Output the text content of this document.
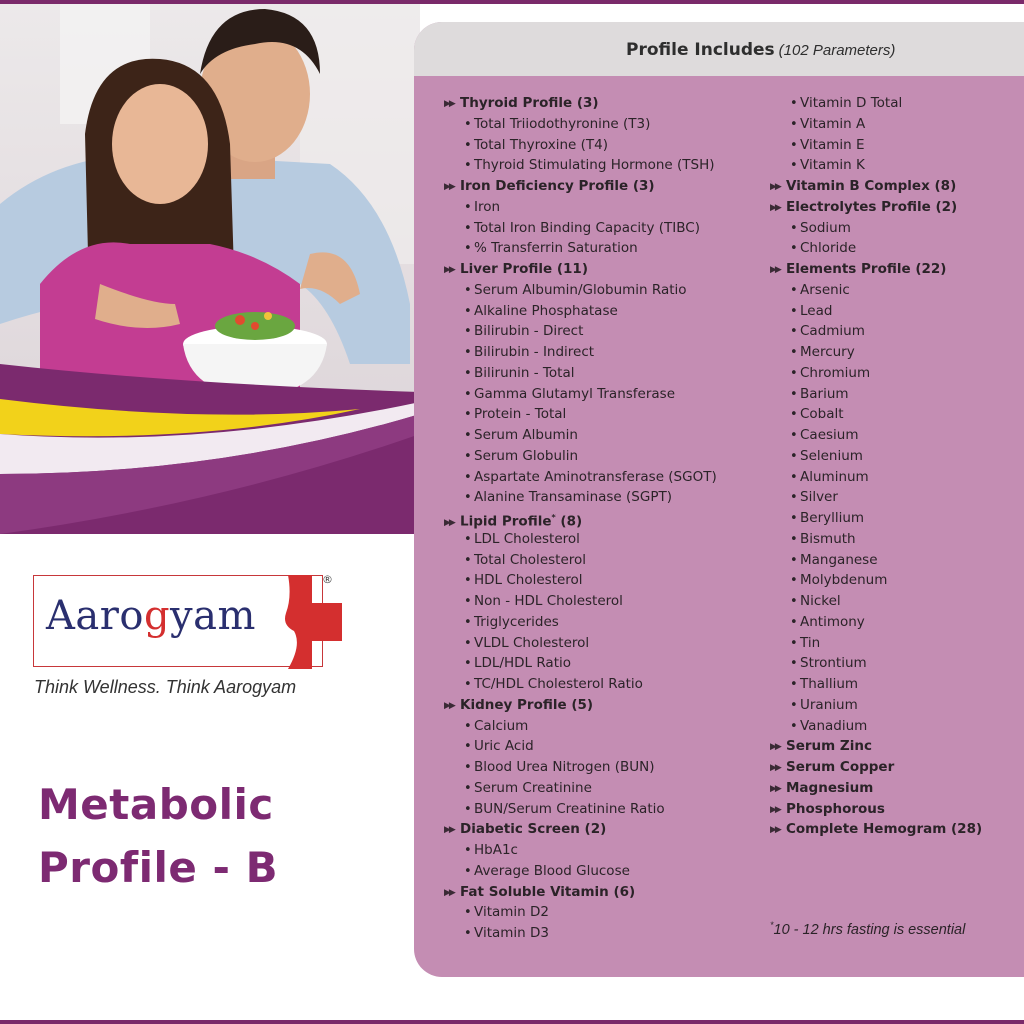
Aarogyam
®
Think Wellness. Think Aarogyam
Metabolic
Profile - B
Profile Includes (102 Parameters)
▶▶ Thyroid Profile (3)
• Total Triiodothyronine (T3)
• Total Thyroxine (T4)
• Thyroid Stimulating Hormone (TSH)
▶▶ Iron Deficiency Profile (3)
• Iron
• Total Iron Binding Capacity (TIBC)
• % Transferrin Saturation
▶▶ Liver Profile (11)
• Serum Albumin/Globumin Ratio
• Alkaline Phosphatase
• Bilirubin - Direct
• Bilirubin - Indirect
• Bilirunin - Total
• Gamma Glutamyl Transferase
• Protein - Total
• Serum Albumin
• Serum Globulin
• Aspartate Aminotransferase (SGOT)
• Alanine Transaminase (SGPT)
▶▶ Lipid Profile* (8)
• LDL Cholesterol
• Total Cholesterol
• HDL Cholesterol
• Non - HDL Cholesterol
• Triglycerides
• VLDL Cholesterol
• LDL/HDL Ratio
• TC/HDL Cholesterol Ratio
▶▶ Kidney Profile (5)
• Calcium
• Uric Acid
• Blood Urea Nitrogen (BUN)
• Serum Creatinine
• BUN/Serum Creatinine Ratio
▶▶ Diabetic Screen (2)
• HbA1c
• Average Blood Glucose
▶▶ Fat Soluble Vitamin (6)
• Vitamin D2
• Vitamin D3
• Vitamin D Total
• Vitamin A
• Vitamin E
• Vitamin K
▶▶ Vitamin B Complex (8)
▶▶ Electrolytes Profile (2)
• Sodium
• Chloride
▶▶ Elements Profile (22)
• Arsenic
• Lead
• Cadmium
• Mercury
• Chromium
• Barium
• Cobalt
• Caesium
• Selenium
• Aluminum
• Silver
• Beryllium
• Bismuth
• Manganese
• Molybdenum
• Nickel
• Antimony
• Tin
• Strontium
• Thallium
• Uranium
• Vanadium
▶▶ Serum Zinc
▶▶ Serum Copper
▶▶ Magnesium
▶▶ Phosphorous
▶▶ Complete Hemogram (28)
*10 - 12 hrs fasting is essential
